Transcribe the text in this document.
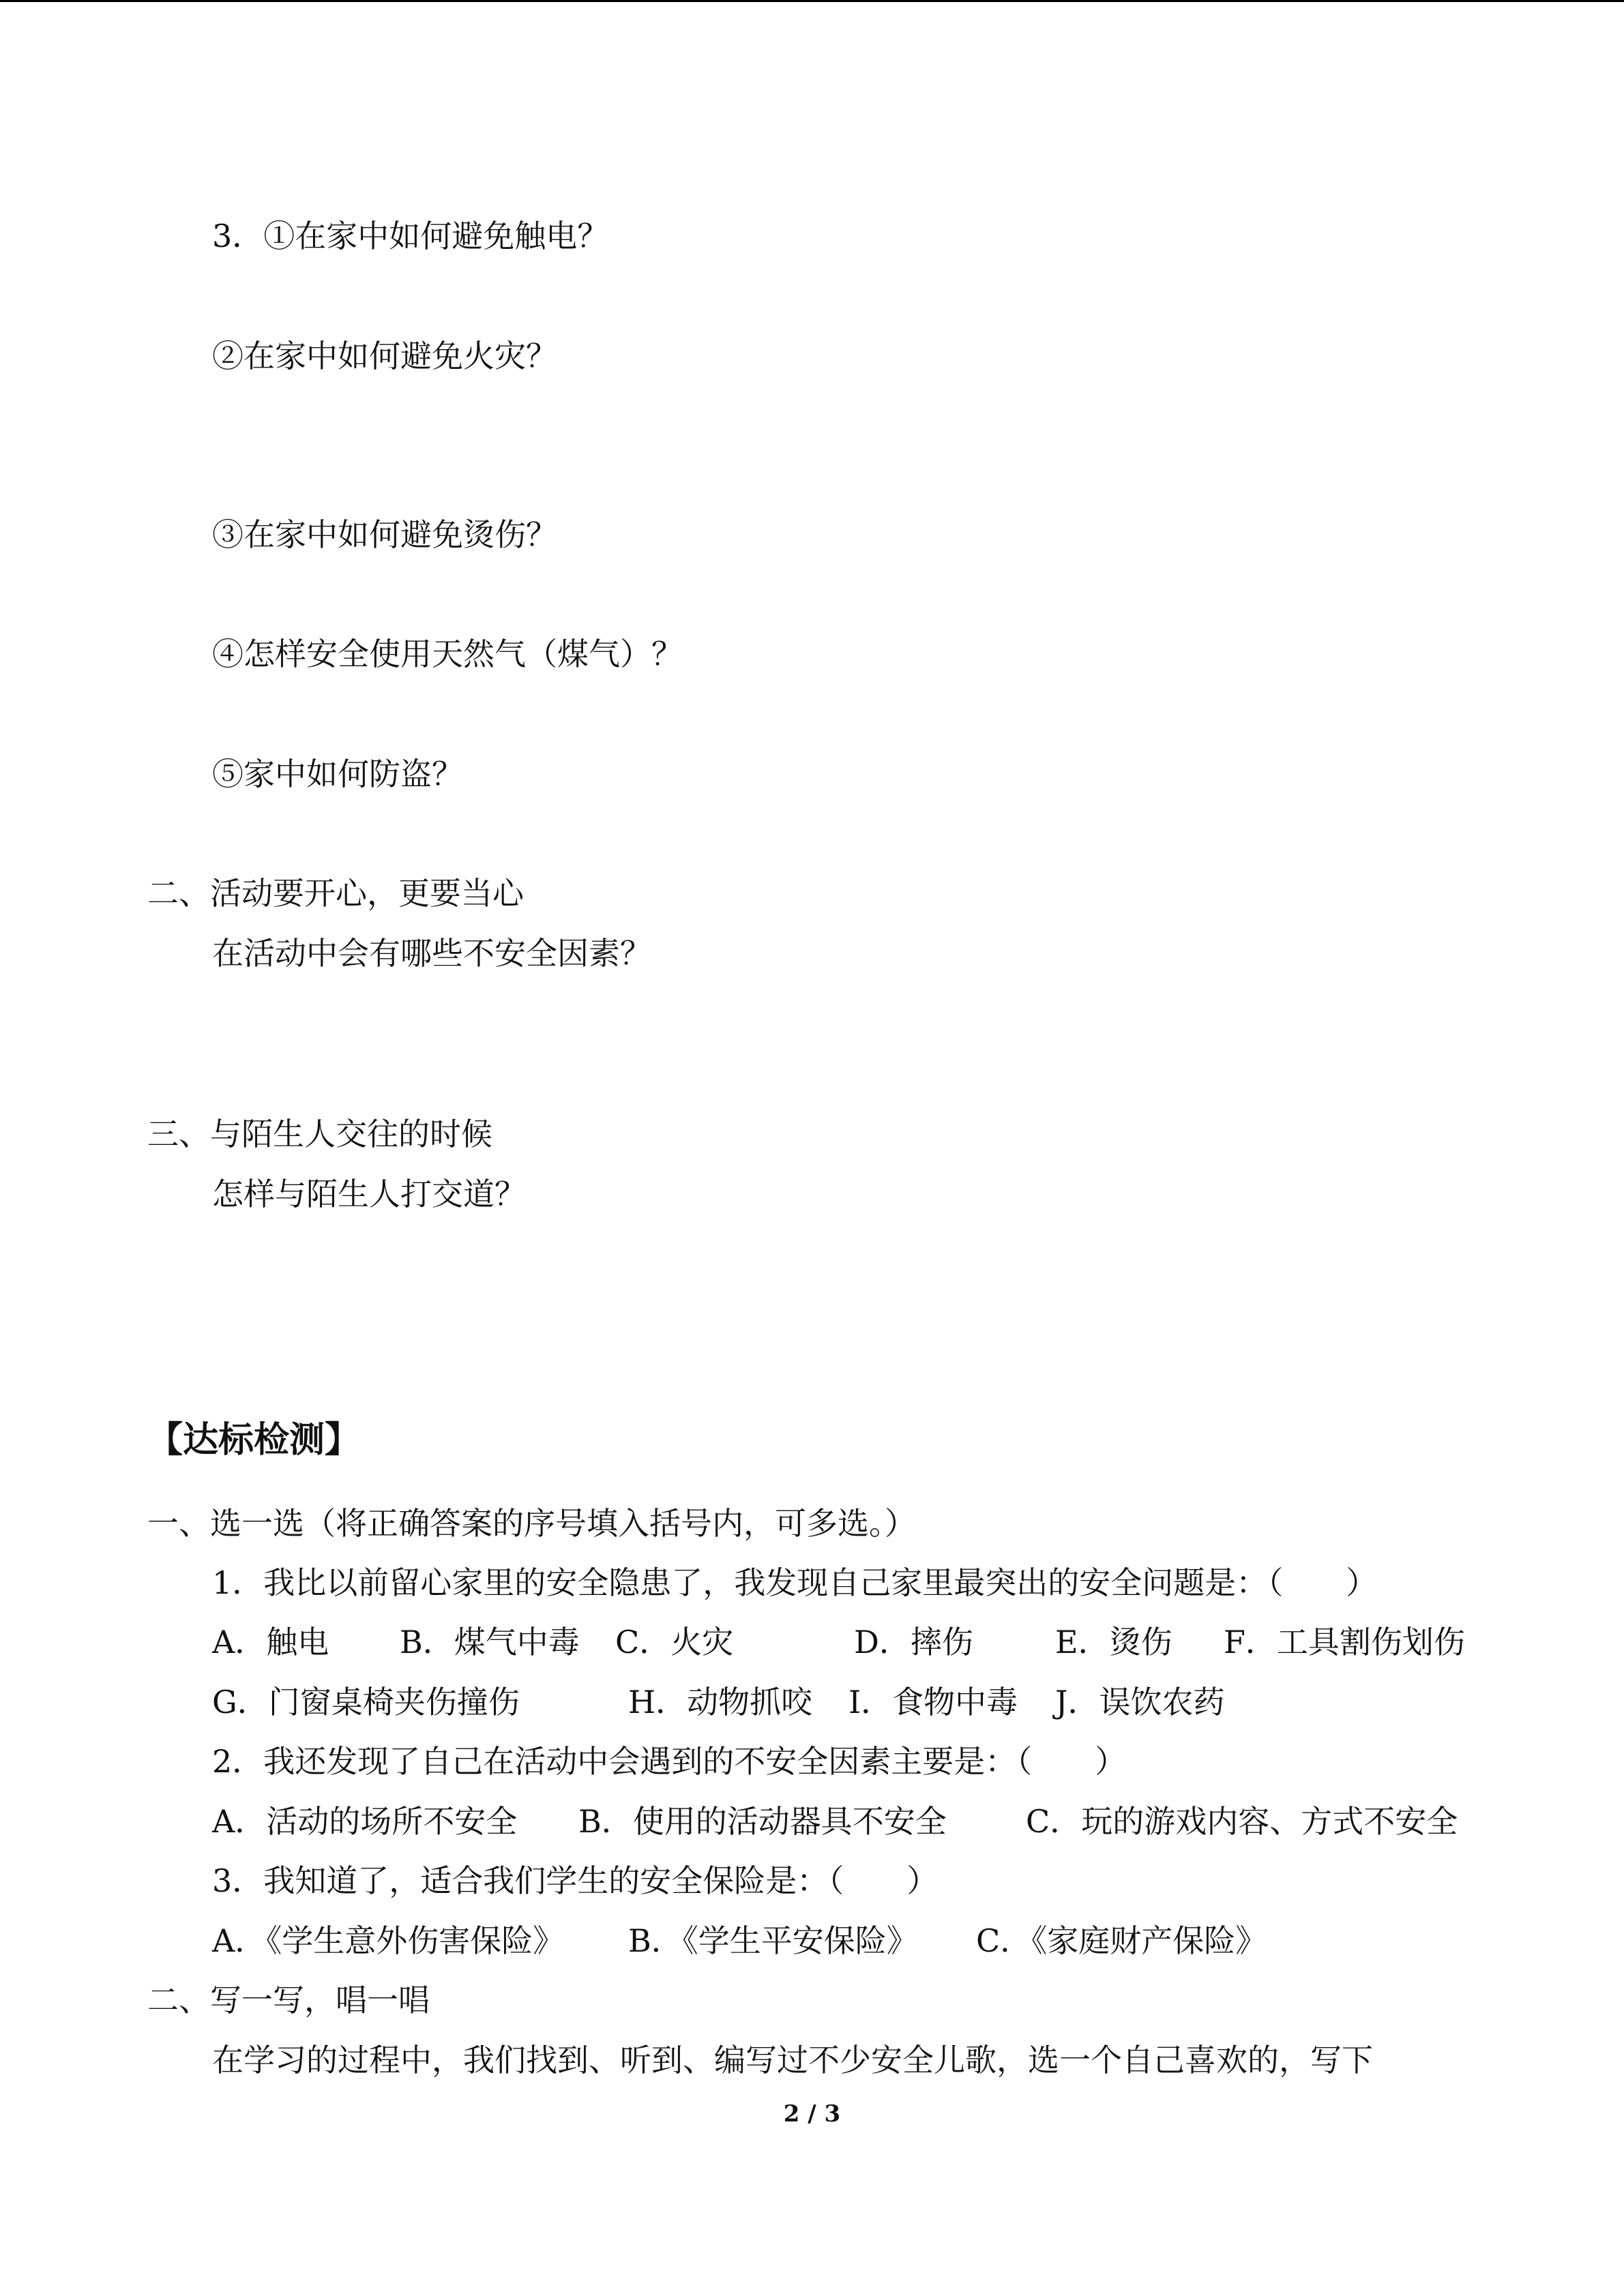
3．①在家中如何避免触电？
②在家中如何避免火灾？
③在家中如何避免烫伤？
④怎样安全使用天然气（煤气）？
⑤家中如何防盗？
二、活动要开心，更要当心
在活动中会有哪些不安全因素？
三、与陌生人交往的时候
怎样与陌生人打交道？
【达标检测】
一、选一选（将正确答案的序号填入括号内，可多选。）
1．我比以前留心家里的安全隐患了，我发现自己家里最突出的安全问题是：（　　）
A．触电 B．煤气中毒 C．火灾	D．摔伤	E．烫伤 F．工具割伤划伤
G．门窗桌椅夹伤撞伤	H．动物抓咬 I．食物中毒 J．误饮农药
2．我还发现了自己在活动中会遇到的不安全因素主要是：（　　）
A．活动的场所不安全 B．使用的活动器具不安全	C．玩的游戏内容、方式不安全
3．我知道了，适合我们学生的安全保险是：（　　）
A．《学生意外伤害保险》 B．《学生平安保险》 C．《家庭财产保险》
二、写一写，唱一唱
在学习的过程中，我们找到、听到、编写过不少安全儿歌，选一个自己喜欢的，写下
2 / 3
